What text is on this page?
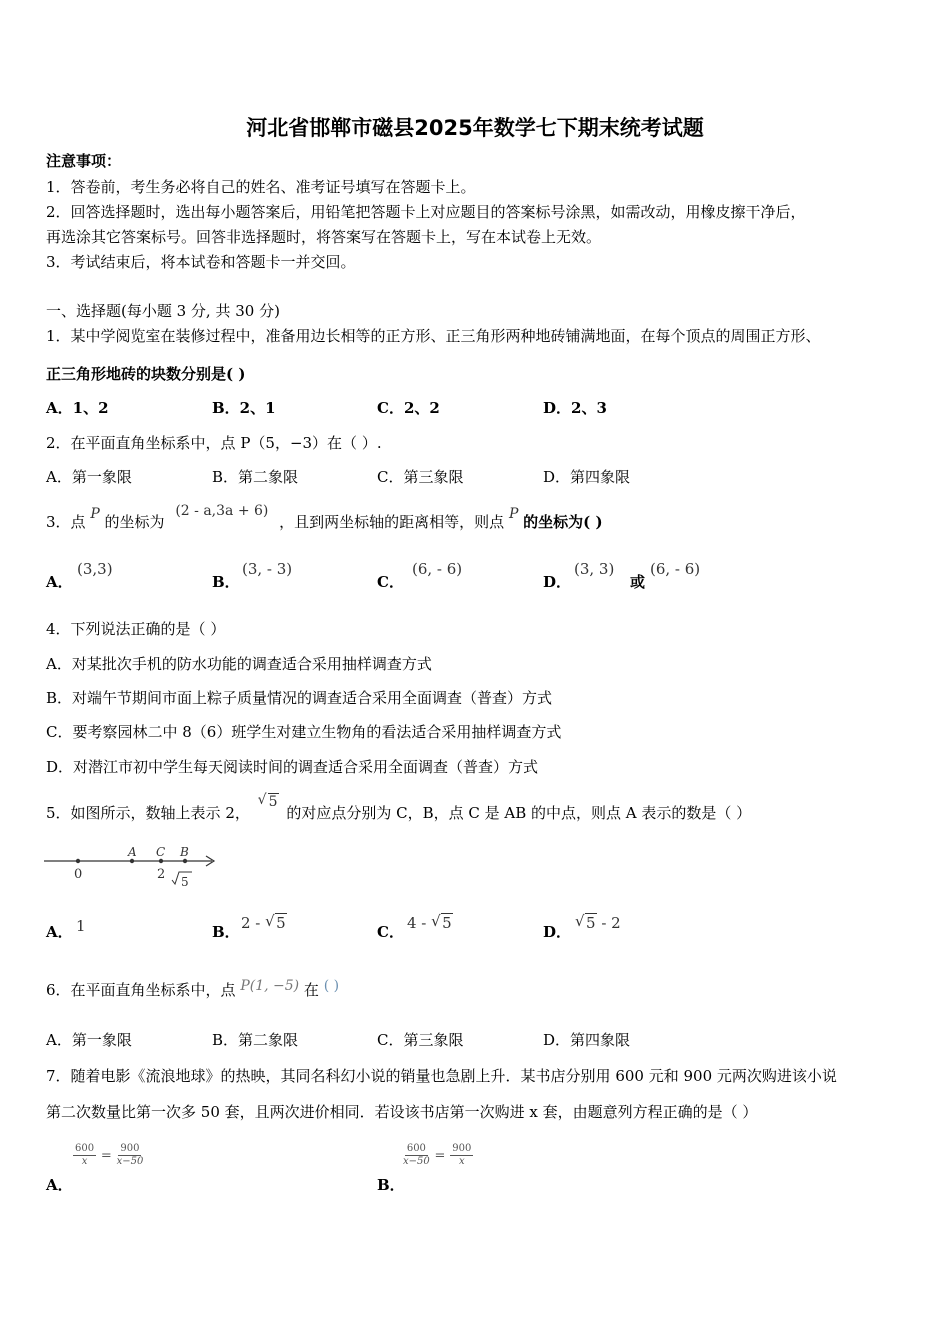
河北省邯郸市磁县2025年数学七下期末统考试题
注意事项：
1．答卷前，考生务必将自己的姓名、准考证号填写在答题卡上。
2．回答选择题时，选出每小题答案后，用铅笔把答题卡上对应题目的答案标号涂黑，如需改动，用橡皮擦干净后，
再选涂其它答案标号。回答非选择题时，将答案写在答题卡上，写在本试卷上无效。
3．考试结束后，将本试卷和答题卡一并交回。
一、选择题(每小题 3 分, 共 30 分)
1．某中学阅览室在装修过程中，准备用边长相等的正方形、正三角形两种地砖铺满地面，在每个顶点的周围正方形、
正三角形地砖的块数分别是( )
A．1、2	B．2、1	C．2、2	D．2、3
2．在平面直角坐标系中，点 P（5，−3）在（ ）.
A．第一象限	B．第二象限	C．第三象限	D．第四象限
3．点 P 的坐标为 (2 - a,3a + 6) ，且到两坐标轴的距离相等，则点 P 的坐标为( )
A．
(3,3)
B．
(3, - 3)
C．
(6, - 6)
D．
(3, 3)
或
(6, - 6)
4．下列说法正确的是（ ）
A．对某批次手机的防水功能的调查适合采用抽样调查方式
B．对端午节期间市面上粽子质量情况的调查适合采用全面调查（普查）方式
C．要考察园林二中 8（6）班学生对建立生物角的看法适合采用抽样调查方式
D．对潜江市初中学生每天阅读时间的调查适合采用全面调查（普查）方式
5．如图所示，数轴上表示 2，
√ 5 的对应点分别为 C，B，点 C 是 AB 的中点，则点 A 表示的数是（ ）
0
A C B
2 5
A． 1	B． 2 - √ 5	C． 4 - √ 5	D．
√ 5 - 2
6．在平面直角坐标系中，点 P(1, −5) 在 ( )
A．第一象限	B．第二象限	C．第三象限	D．第四象限
7．随着电影《流浪地球》的热映，其同名科幻小说的销量也急剧上升．某书店分别用 600 元和 900 元两次购进该小说
第二次数量比第一次多 50 套，且两次进价相同．若设该书店第一次购进 x 套，由题意列方程正确的是（ ）
A．
$\frac{600}{x} = \frac{900}{x-50}$
B．
$\frac{600}{x-50} = \frac{900}{x}$
